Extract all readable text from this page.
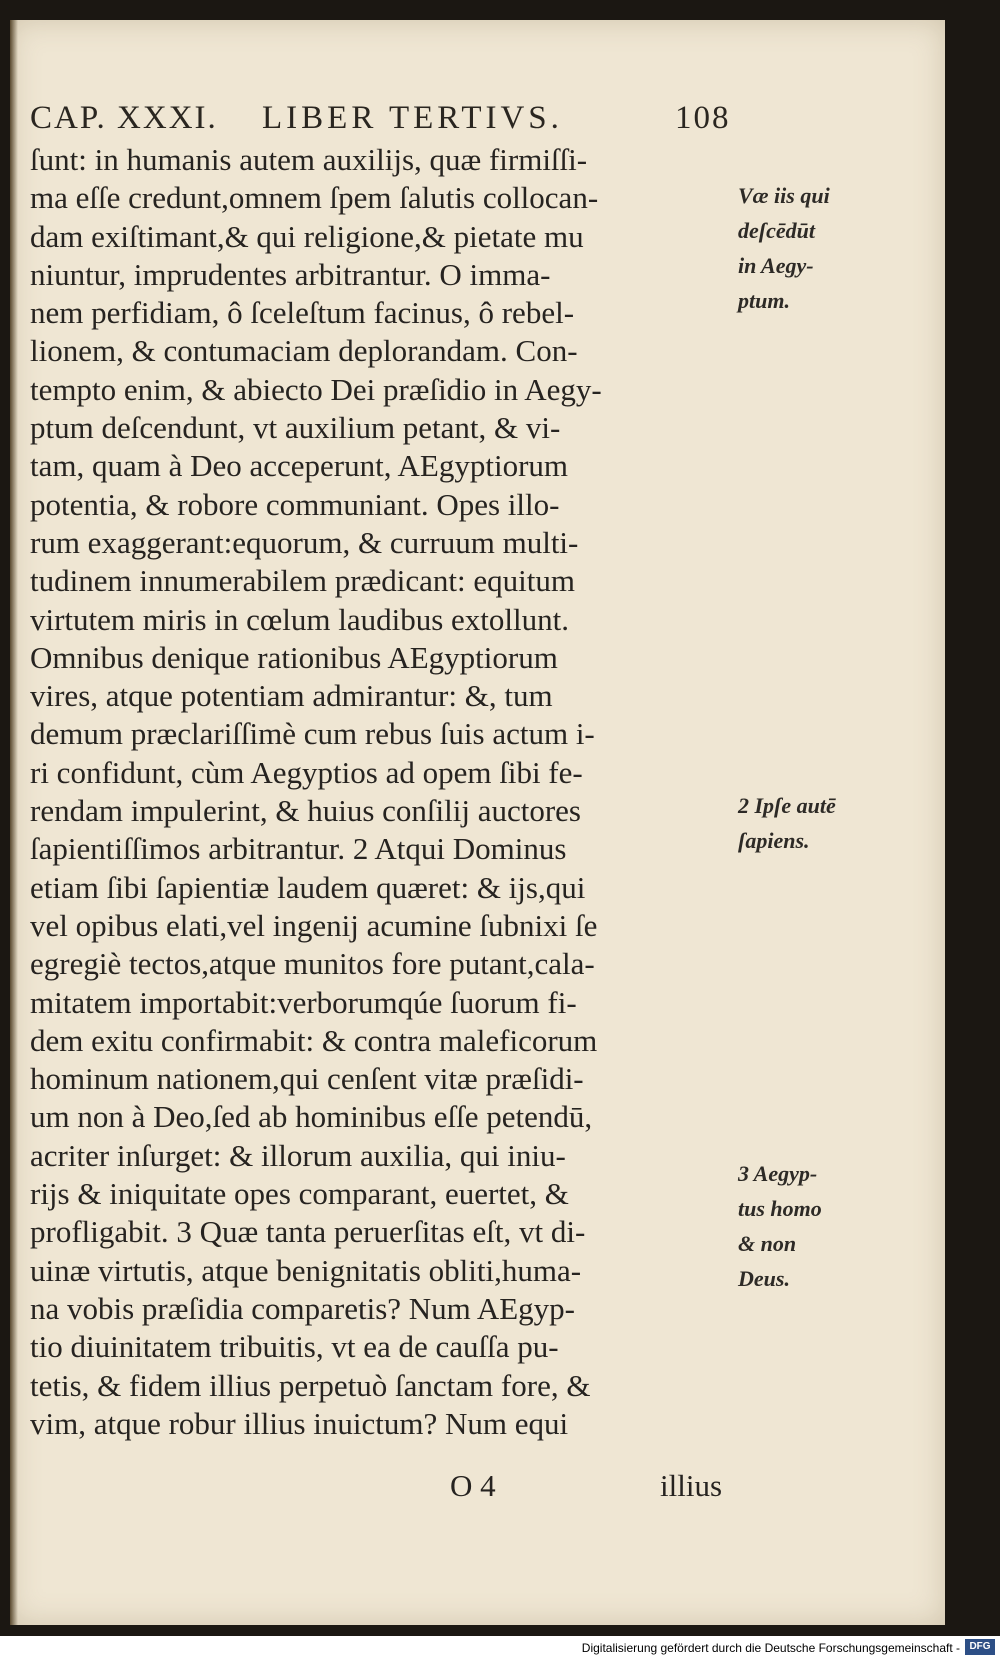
CAP. XXXI. LIBER TERTIVS.	108
ſunt: in humanis autem auxilijs, quæ firmiſſi-
ma eſſe credunt,omnem ſpem ſalutis collocan-
dam exiſtimant,& qui religione,& pietate mu
niuntur, imprudentes arbitrantur. O imma-
nem perfidiam, ô ſceleſtum facinus, ô rebel-
lionem, & contumaciam deplorandam. Con-
tempto enim, & abiecto Dei præſidio in Aegy-
ptum deſcendunt, vt auxilium petant, & vi-
tam, quam à Deo acceperunt, AEgyptiorum
potentia, & robore communiant. Opes illo-
rum exaggerant:equorum, & curruum multi-
tudinem innumerabilem prædicant: equitum
virtutem miris in cœlum laudibus extollunt.
Omnibus denique rationibus AEgyptiorum
vires, atque potentiam admirantur: &, tum
demum præclariſſimè cum rebus ſuis actum i-
ri confidunt, cùm Aegyptios ad opem ſibi fe-
rendam impulerint, & huius conſilij auctores
ſapientiſſimos arbitrantur. 2 Atqui Dominus
etiam ſibi ſapientiæ laudem quæret: & ijs,qui
vel opibus elati,vel ingenij acumine ſubnixi ſe
egregiè tectos,atque munitos fore putant,cala-
mitatem importabit:verborumqúe ſuorum fi-
dem exitu confirmabit: & contra maleficorum
hominum nationem,qui cenſent vitæ præſidi-
um non à Deo,ſed ab hominibus eſſe petendū,
acriter inſurget: & illorum auxilia, qui iniu-
rijs & iniquitate opes comparant, euertet, &
profligabit. 3 Quæ tanta peruerſitas eſt, vt di-
uinæ virtutis, atque benignitatis obliti,huma-
na vobis præſidia comparetis? Num AEgyp-
tio diuinitatem tribuitis, vt ea de cauſſa pu-
tetis, & fidem illius perpetuò ſanctam fore, &
vim, atque robur illius inuictum? Num equi
Væ iis qui
deſcēdūt
in Aegy-
ptum.
2 Ipſe autē
ſapiens.
3 Aegyp-
tus homo
& non
Deus.
O 4	illius
Digitalisierung gefördert durch die Deutsche Forschungsgemeinschaft - DFG
